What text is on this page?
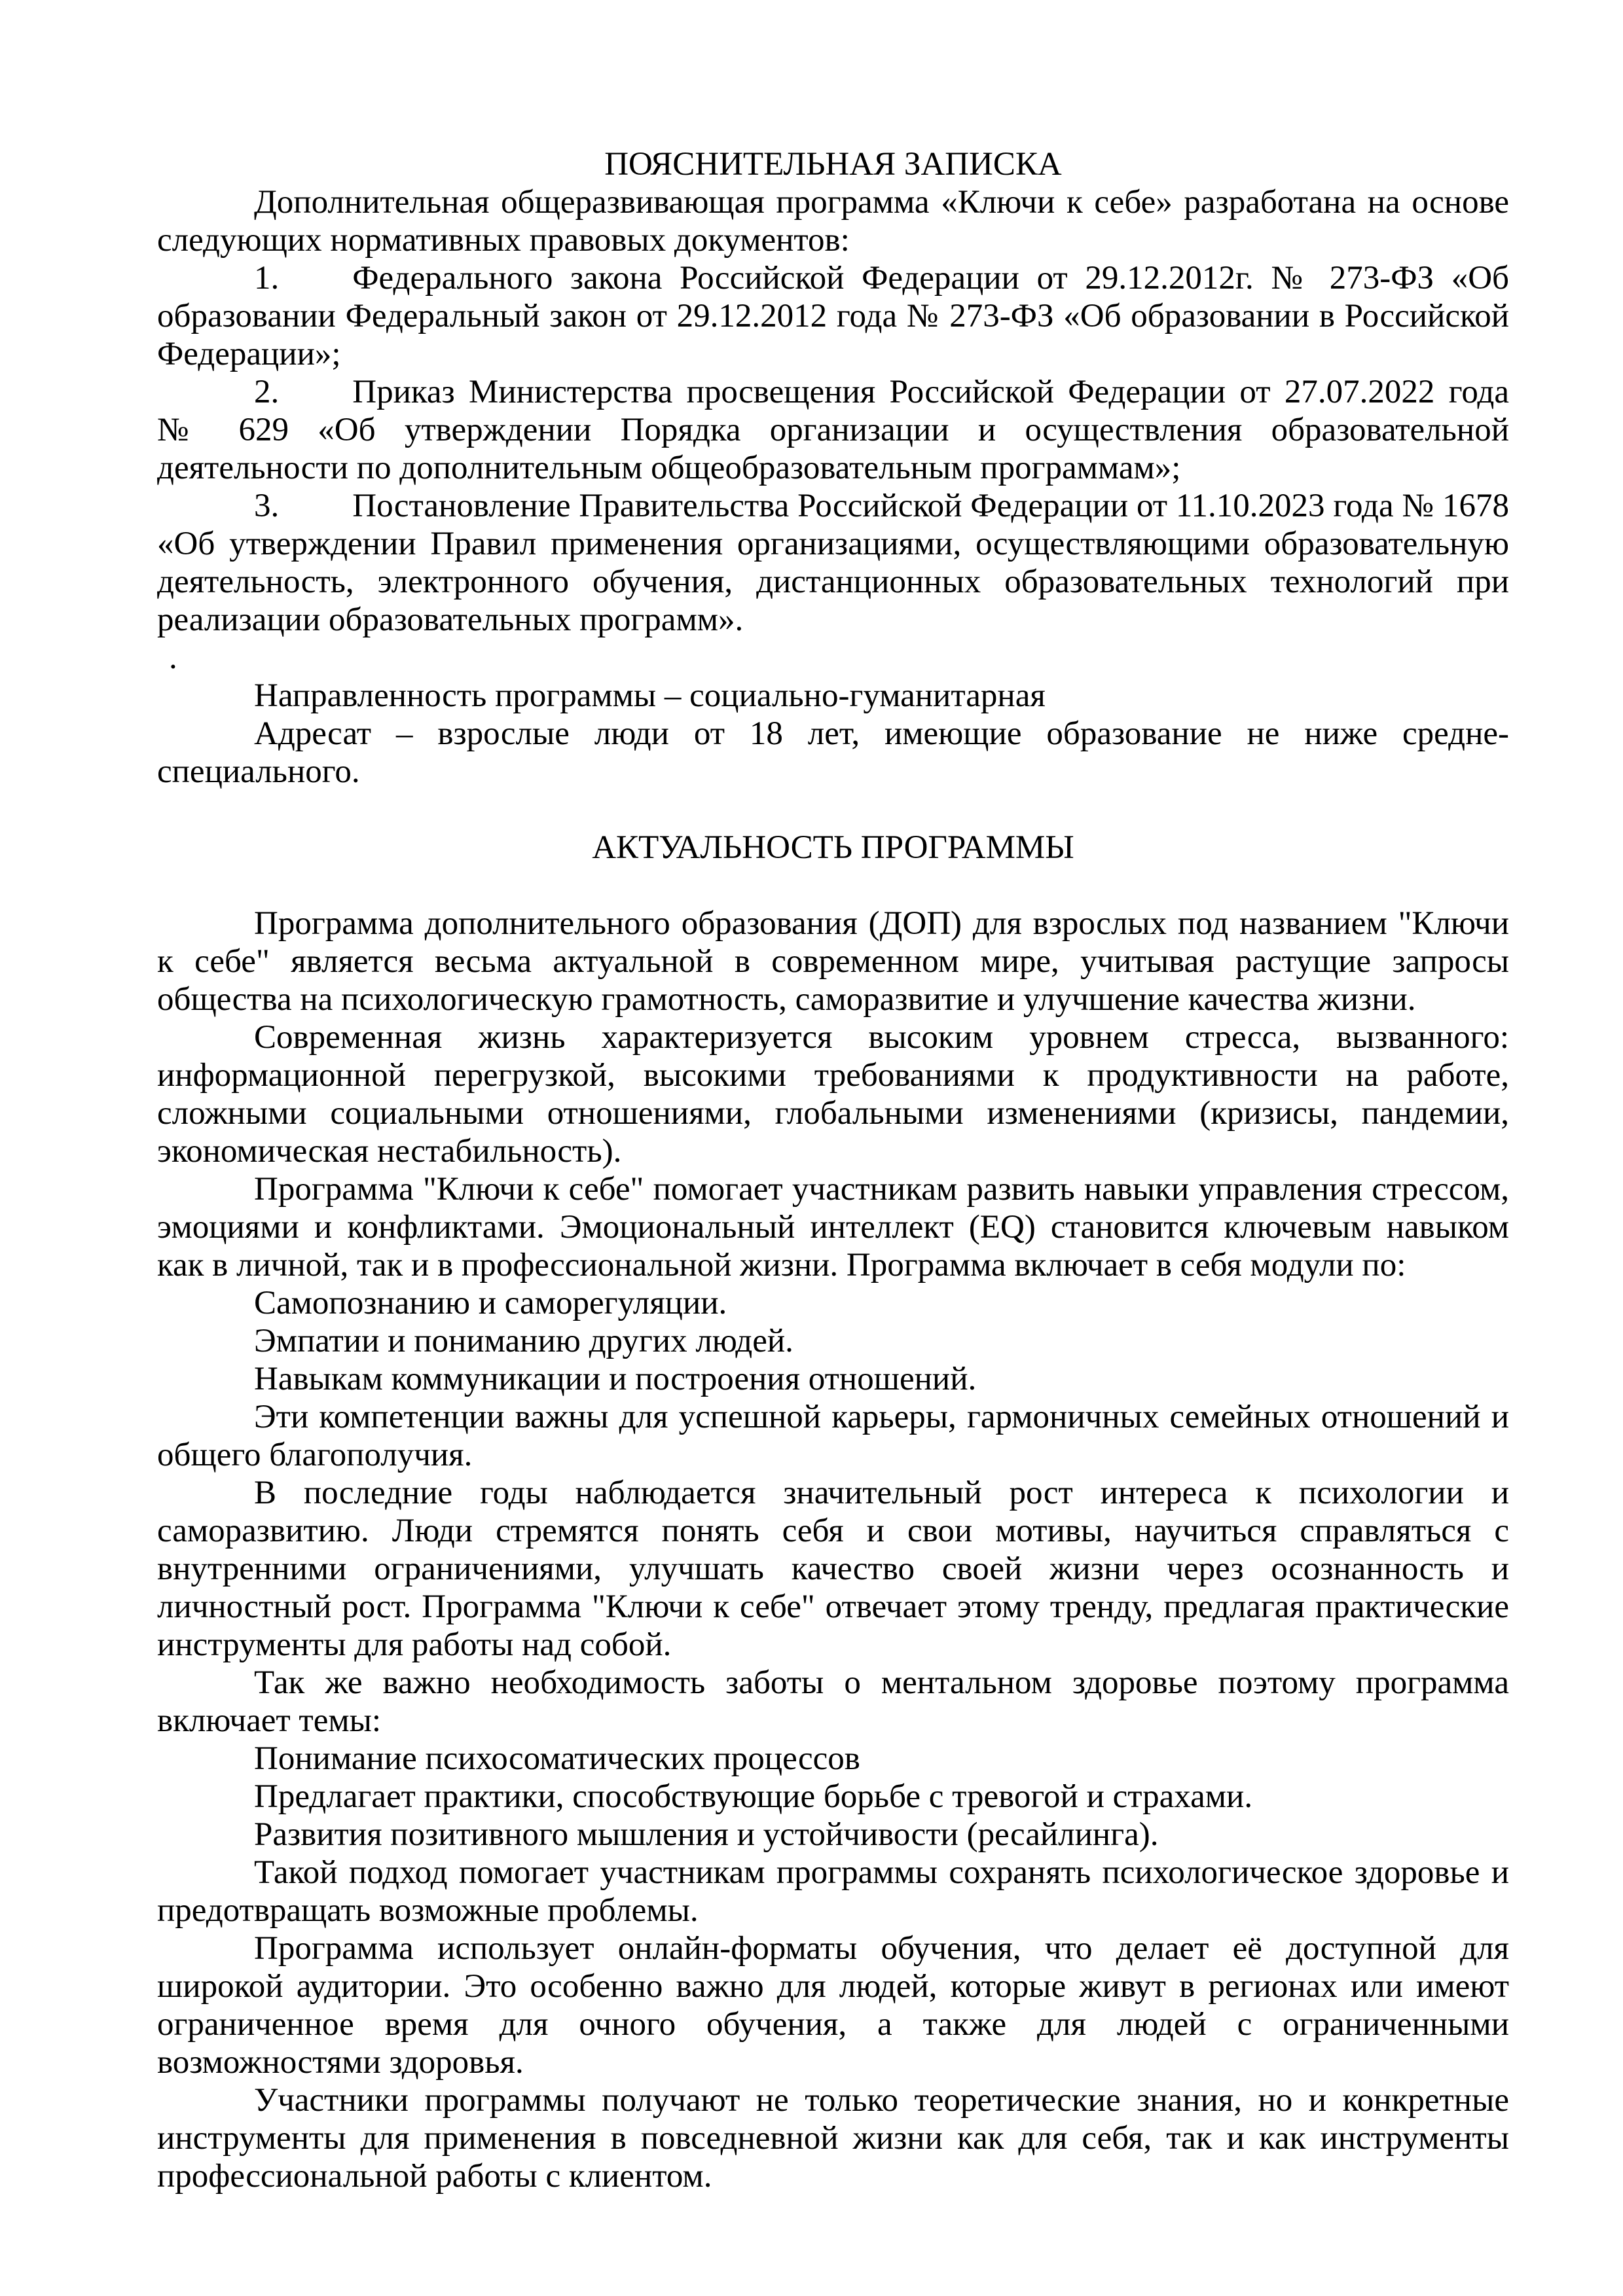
ПОЯСНИТЕЛЬНАЯ ЗАПИСКА

Дополнительная общеразвивающая программа «Ключи к себе» разработана на основе следующих нормативных правовых документов:

1. Федерального закона Российской Федерации от 29.12.2012г. № 273-ФЗ «Об образовании Федеральный закон от 29.12.2012 года № 273-ФЗ «Об образовании в Российской Федерации»;

2. Приказ Министерства просвещения Российской Федерации от 27.07.2022 года № 629 «Об утверждении Порядка организации и осуществления образовательной деятельности по дополнительным общеобразовательным программам»;

3. Постановление Правительства Российской Федерации от 11.10.2023 года № 1678 «Об утверждении Правил применения организациями, осуществляющими образовательную деятельность, электронного обучения, дистанционных образовательных технологий при реализации образовательных программ».

.

Направленность программы – социально-гуманитарная

Адресат – взрослые люди от 18 лет, имеющие образование не ниже средне-специального.

АКТУАЛЬНОСТЬ ПРОГРАММЫ

Программа дополнительного образования (ДОП) для взрослых под названием "Ключи к себе" является весьма актуальной в современном мире, учитывая растущие запросы общества на психологическую грамотность, саморазвитие и улучшение качества жизни.

Современная жизнь характеризуется высоким уровнем стресса, вызванного: информационной перегрузкой, высокими требованиями к продуктивности на работе, сложными социальными отношениями, глобальными изменениями (кризисы, пандемии, экономическая нестабильность).

Программа "Ключи к себе" помогает участникам развить навыки управления стрессом, эмоциями и конфликтами. Эмоциональный интеллект (EQ) становится ключевым навыком как в личной, так и в профессиональной жизни. Программа включает в себя модули по:

Самопознанию и саморегуляции.

Эмпатии и пониманию других людей.

Навыкам коммуникации и построения отношений.

Эти компетенции важны для успешной карьеры, гармоничных семейных отношений и общего благополучия.

В последние годы наблюдается значительный рост интереса к психологии и саморазвитию. Люди стремятся понять себя и свои мотивы, научиться справляться с внутренними ограничениями, улучшать качество своей жизни через осознанность и личностный рост. Программа "Ключи к себе" отвечает этому тренду, предлагая практические инструменты для работы над собой.

Так же важно необходимость заботы о ментальном здоровье поэтому программа включает темы:

Понимание психосоматических процессов

Предлагает практики, способствующие борьбе с тревогой и страхами.

Развития позитивного мышления и устойчивости (ресайлинга).

Такой подход помогает участникам программы сохранять психологическое здоровье и предотвращать возможные проблемы.

Программа использует онлайн-форматы обучения, что делает её доступной для широкой аудитории. Это особенно важно для людей, которые живут в регионах или имеют ограниченное время для очного обучения, а также для людей с ограниченными возможностями здоровья.

Участники программы получают не только теоретические знания, но и конкретные инструменты для применения в повседневной жизни как для себя, так и как инструменты профессиональной работы с клиентом.
